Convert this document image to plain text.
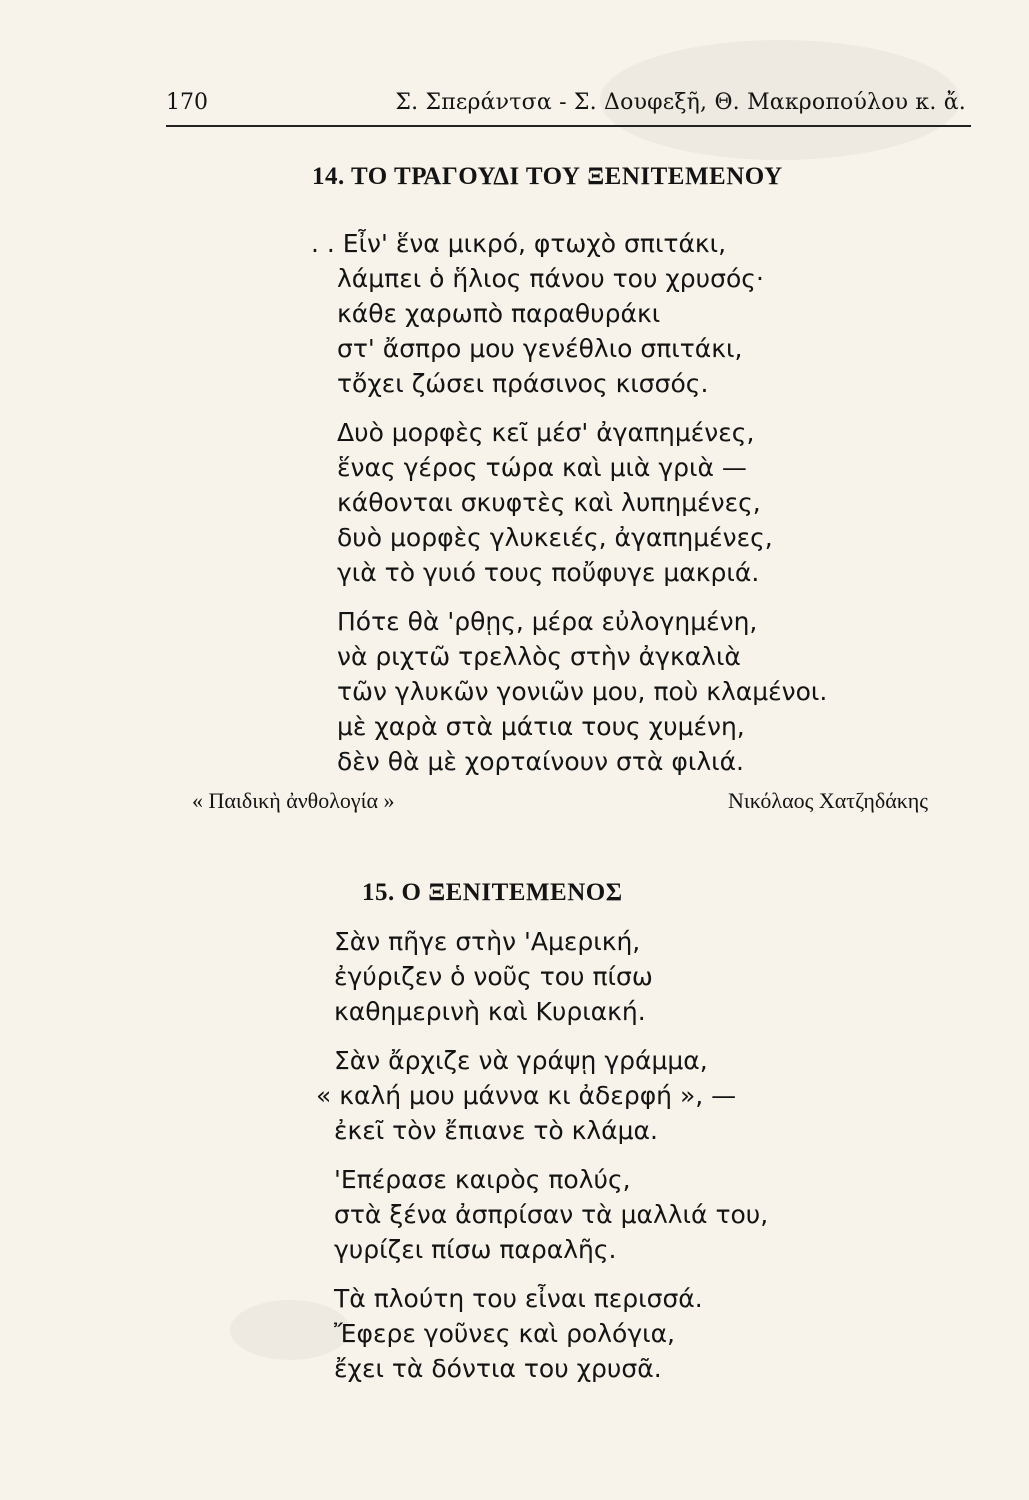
170	Σ. Σπεράντσα - Σ. Δουφεξῆ, Θ. Μακροπούλου κ. ἄ.
14. ΤΟ ΤΡΑΓΟΥΔΙ ΤΟΥ ΞΕΝΙΤΕΜΕΝΟΥ
. . Εἶν' ἕνα μικρό, φτωχὸ σπιτάκι,
λάμπει ὁ ἥλιος πάνου του χρυσός·
κάθε χαρωπὸ παραθυράκι
στ' ἄσπρο μου γενέθλιο σπιτάκι,
τὄχει ζώσει πράσινος κισσός.
Δυὸ μορφὲς κεῖ μέσ' ἀγαπημένες,
ἕνας γέρος τώρα καὶ μιὰ γριὰ —
κάθονται σκυφτὲς καὶ λυπημένες,
δυὸ μορφὲς γλυκειές, ἀγαπημένες,
γιὰ τὸ γυιό τους ποὔφυγε μακριά.
Πότε θὰ 'ρθῃς, μέρα εὐλογημένη,
νὰ ριχτῶ τρελλὸς στὴν ἀγκαλιὰ
τῶν γλυκῶν γονιῶν μου, ποὺ κλαμένοι.
μὲ χαρὰ στὰ μάτια τους χυμένη,
δὲν θὰ μὲ χορταίνουν στὰ φιλιά.
« Παιδικὴ ἀνθολογία »	Νικόλαος Χατζηδάκης
15. Ο ΞΕΝΙΤΕΜΕΝΟΣ
Σὰν πῆγε στὴν 'Αμερική,
ἐγύριζεν ὁ νοῦς του πίσω
καθημερινὴ καὶ Κυριακή.
Σὰν ἄρχιζε νὰ γράψῃ γράμμα,
« καλή μου μάννα κι ἀδερφή », —
ἐκεῖ τὸν ἔπιανε τὸ κλάμα.
'Επέρασε καιρὸς πολύς,
στὰ ξένα ἀσπρίσαν τὰ μαλλιά του,
γυρίζει πίσω παραλῆς.
Τὰ πλούτη του εἶναι περισσά.
Ἔφερε γοῦνες καὶ ρολόγια,
ἔχει τὰ δόντια του χρυσᾶ.
